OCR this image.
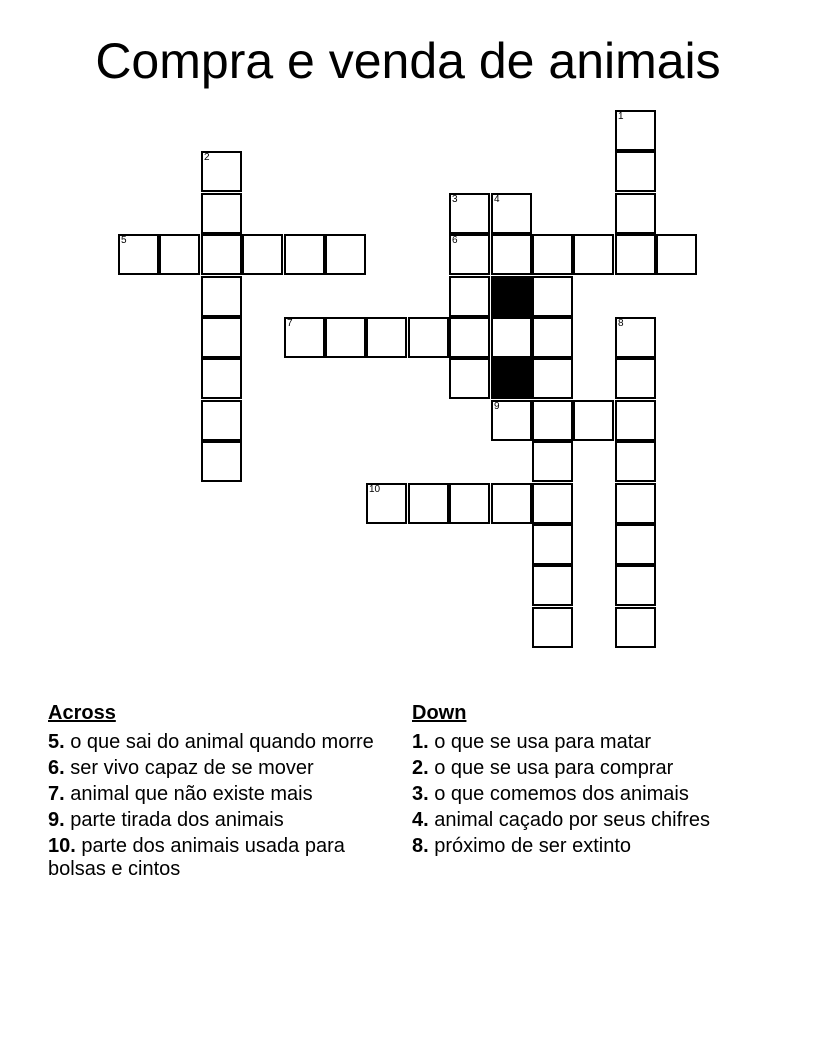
Compra e venda de animais
1
2
3	4
5	6
7	8
9
10
Across
5. o que sai do animal quando morre
6. ser vivo capaz de se mover
7. animal que não existe mais
9. parte tirada dos animais
10. parte dos animais usada para bolsas e cintos
Down
1. o que se usa para matar
2. o que se usa para comprar
3. o que comemos dos animais
4. animal caçado por seus chifres
8. próximo de ser extinto
